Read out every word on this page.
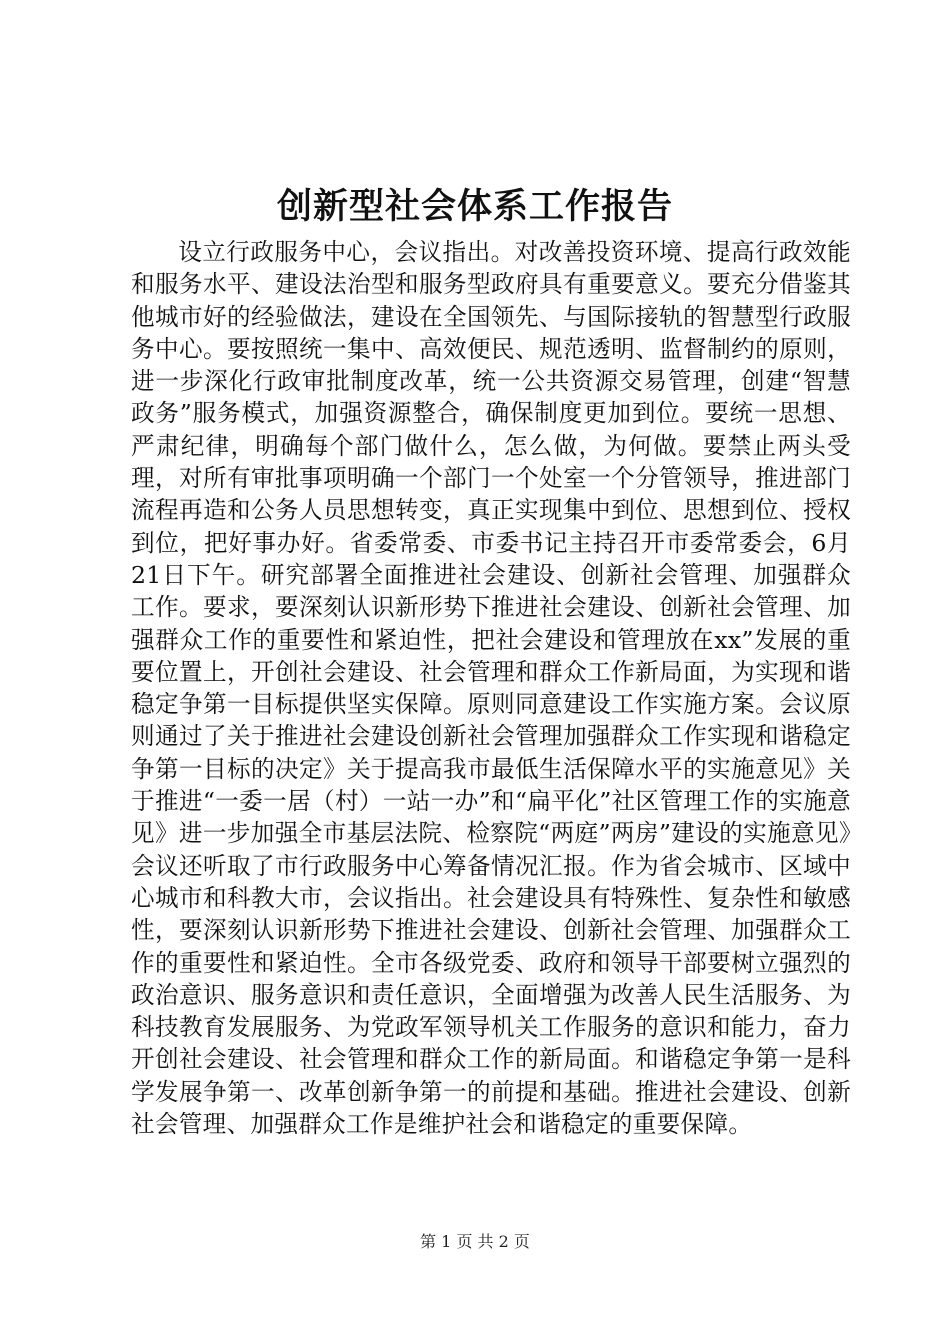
创新型社会体系工作报告

设立行政服务中心，会议指出。对改善投资环境、提高行政效能和服务水平、建设法治型和服务型政府具有重要意义。要充分借鉴其他城市好的经验做法，建设在全国领先、与国际接轨的智慧型行政服务中心。要按照统一集中、高效便民、规范透明、监督制约的原则，进一步深化行政审批制度改革，统一公共资源交易管理，创建“智慧政务”服务模式，加强资源整合，确保制度更加到位。要统一思想、严肃纪律，明确每个部门做什么，怎么做，为何做。要禁止两头受理，对所有审批事项明确一个部门一个处室一个分管领导，推进部门流程再造和公务人员思想转变，真正实现集中到位、思想到位、授权到位，把好事办好。省委常委、市委书记主持召开市委常委会，6月21日下午。研究部署全面推进社会建设、创新社会管理、加强群众工作。要求，要深刻认识新形势下推进社会建设、创新社会管理、加强群众工作的重要性和紧迫性，把社会建设和管理放在xx”发展的重要位置上，开创社会建设、社会管理和群众工作新局面，为实现和谐稳定争第一目标提供坚实保障。原则同意建设工作实施方案。会议原则通过了关于推进社会建设创新社会管理加强群众工作实现和谐稳定争第一目标的决定》关于提高我市最低生活保障水平的实施意见》关于推进“一委一居（村）一站一办”和“扁平化”社区管理工作的实施意见》进一步加强全市基层法院、检察院“两庭”两房”建设的实施意见》会议还听取了市行政服务中心筹备情况汇报。作为省会城市、区域中心城市和科教大市，会议指出。社会建设具有特殊性、复杂性和敏感性，要深刻认识新形势下推进社会建设、创新社会管理、加强群众工作的重要性和紧迫性。全市各级党委、政府和领导干部要树立强烈的政治意识、服务意识和责任意识，全面增强为改善人民生活服务、为科技教育发展服务、为党政军领导机关工作服务的意识和能力，奋力开创社会建设、社会管理和群众工作的新局面。和谐稳定争第一是科学发展争第一、改革创新争第一的前提和基础。推进社会建设、创新社会管理、加强群众工作是维护社会和谐稳定的重要保障。

第 1 页 共 2 页
